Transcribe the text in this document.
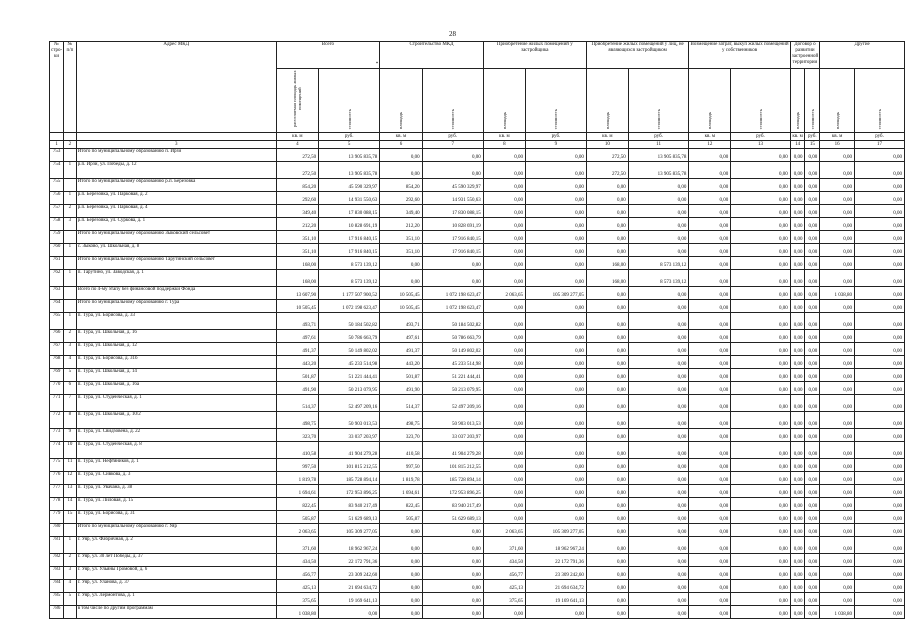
28
№ стро-ки	№ п/п	Адрес МКД	Всего
*		Строительство МКД		Приобретение жилых помещений у застройщика		Приобретение жилых помещений у лиц, не являющихся застройщиком		Возмещение затрат, выкуп жилых помещений у собственников		Договор о развитии застроенной территории		Другие	
			расселяемая площадь жилых помещений	стоимость	площадь	стоимость	площадь	стоимость	площадь	стоимость	площадь	стоимость	площадь	стоимость	площадь	стоимость
			кв. м	руб.	кв. м	руб.	кв. м	руб.	кв. м	руб.	кв. м	руб.	кв. м	руб.	кв. м	руб.
1	2	3	4	5	6	7	8	9	10	11	12	13	14	15	16	17
753		Итого по муниципальному образованию п. Ирзи	272,50	13 905 835,78	0,00	0,00	0,00	0,00	272,50	13 905 835,78	0,00	0,00	0,00	0,00	0,00	0,00
754	1	р.п. Ирзи, ул. Победы, д. 12	272,50	13 905 835,78	0,00	0,00	0,00	0,00	272,50	13 905 835,78	0,00	0,00	0,00	0,00	0,00	0,00
755		Итого по муниципальному образованию р.п. Березовка	854,20	45 590 329,97	854,20	45 590 329,97	0,00	0,00	0,00	0,00	0,00	0,00	0,00	0,00	0,00	0,00
756	1	р.п. Березовка, ул. Парковая, д. 2	292,60	14 931 550,63	292,60	14 931 550,63	0,00	0,00	0,00	0,00	0,00	0,00	0,00	0,00	0,00	0,00
757	2	р.п. Березовка, ул. Парковая, д. 4	349,40	17 830 088,15	349,40	17 830 088,15	0,00	0,00	0,00	0,00	0,00	0,00	0,00	0,00	0,00	0,00
758	3	р.п. Березовка, ул. Суркова, д. 1	212,20	10 828 691,19	212,20	10 828 691,19	0,00	0,00	0,00	0,00	0,00	0,00	0,00	0,00	0,00	0,00
759		Итого по муниципальному образованию Зыковский сельсовет	351,10	17 916 840,15	351,10	17 916 840,15	0,00	0,00	0,00	0,00	0,00	0,00	0,00	0,00	0,00	0,00
760	1	с. Зыково, ул. Школьная, д. 8	351,10	17 916 840,15	351,10	17 916 840,15	0,00	0,00	0,00	0,00	0,00	0,00	0,00	0,00	0,00	0,00
761		Итого по муниципальному образованию Тарутинский сельсовет	168,00	8 573 139,12	0,00	0,00	0,00	0,00	168,00	8 573 139,12	0,00	0,00	0,00	0,00	0,00	0,00
762	1	п. Тарутино, ул. Заводская, д. 1	168,00	8 573 139,12	0,00	0,00	0,00	0,00	168,00	8 573 139,12	0,00	0,00	0,00	0,00	0,00	0,00
763		Всего по 4-му этапу без финансовой поддержки Фонда	13 607,90	1 177 507 900,52	10 505,45	1 072 198 623,47	2 063,65	105 309 277,05	0,00	0,00	0,00	0,00	0,00	0,00	1 038,80	0,00
764		Итого по муниципальному образованию г. Тура	10 505,45	1 072 198 623,47	10 505,45	1 072 198 623,47	0,00	0,00	0,00	0,00	0,00	0,00	0,00	0,00	0,00	0,00
765	1	п. Тура, ул. Борисова, д. 33	493,71	50 184 502,82	493,71	50 184 502,82	0,00	0,00	0,00	0,00	0,00	0,00	0,00	0,00	0,00	0,00
766	2	п. Тура, ул. Школьная, д. 16	497,61	50 786 663,79	497,61	50 786 663,79	0,00	0,00	0,00	0,00	0,00	0,00	0,00	0,00	0,00	0,00
767	3	п. Тура, ул. Школьная, д. 12	491,37	50 149 802,02	491,37	50 149 802,02	0,00	0,00	0,00	0,00	0,00	0,00	0,00	0,00	0,00	0,00
768	4	п. Тура, ул. Борисова, д. 31б	443,20	45 233 514,98	443,20	45 233 514,98	0,00	0,00	0,00	0,00	0,00	0,00	0,00	0,00	0,00	0,00
769	5	п. Тура, ул. Школьная, д. 14	501,87	51 221 444,41	501,87	51 221 444,41	0,00	0,00	0,00	0,00	0,00	0,00	0,00	0,00	0,00	0,00
770	6	п. Тура, ул. Школьная, д. 16а	491,90	50 213 079,95	491,90	50 213 079,95	0,00	0,00	0,00	0,00	0,00	0,00	0,00	0,00	0,00	0,00
771	7	п. Тура, ул. Студенческая, д. 1	514,37	52 497 209,16	514,37	52 497 209,16	0,00	0,00	0,00	0,00	0,00	0,00	0,00	0,00	0,00	0,00
772	8	п. Тура, ул. Школьная, д. 10/2	498,75	50 903 013,53	498,75	50 903 013,53	0,00	0,00	0,00	0,00	0,00	0,00	0,00	0,00	0,00	0,00
773	9	п. Тура, ул. Свидзовена, д. 22	323,70	33 037 203,97	323,70	33 037 203,97	0,00	0,00	0,00	0,00	0,00	0,00	0,00	0,00	0,00	0,00
774	10	п. Тура, ул. Студенческая, д. 8	410,58	41 904 279,28	410,58	41 904 279,28	0,00	0,00	0,00	0,00	0,00	0,00	0,00	0,00	0,00	0,00
775	11	п. Тура, ул. Нефтяников, д. 1	997,50	101 815 212,55	997,50	101 815 212,55	0,00	0,00	0,00	0,00	0,00	0,00	0,00	0,00	0,00	0,00
776	12	п. Тура, ул. Сивкова, д. 3	1 819,78	185 728 894,14	1 819,78	185 728 894,14	0,00	0,00	0,00	0,00	0,00	0,00	0,00	0,00	0,00	0,00
777	13	п. Тура, ул. Увачана, д. 38	1 694,61	172 953 896,25	1 694,61	172 953 896,25	0,00	0,00	0,00	0,00	0,00	0,00	0,00	0,00	0,00	0,00
778	14	п. Тура, ул. Лиловая, д. 15	822,45	83 940 217,49	822,45	83 940 217,49	0,00	0,00	0,00	0,00	0,00	0,00	0,00	0,00	0,00	0,00
779	15	п. Тура, ул. Борисова, д. 31	505,87	51 629 689,13	505,87	51 629 689,13	0,00	0,00	0,00	0,00	0,00	0,00	0,00	0,00	0,00	0,00
780		Итого по муниципальному образованию г. Уяр	2 063,65	105 309 277,05	0,00	0,00	2 063,65	105 309 277,05	0,00	0,00	0,00	0,00	0,00	0,00	0,00	0,00
781	1	г. Уяр, ул. Фабричная, д. 2	371,60	18 962 967,24	0,00	0,00	371,60	18 962 967,24	0,00	0,00	0,00	0,00	0,00	0,00	0,00	0,00
782	2	г. Уяр, ул. 30 лет Победы, д. 37	434,50	22 172 791,36	0,00	0,00	434,50	22 172 791,36	0,00	0,00	0,00	0,00	0,00	0,00	0,00	0,00
783	3	г. Уяр, ул. Ульяны Громовой, д. 6	456,77	23 309 242,60	0,00	0,00	456,77	23 309 242,60	0,00	0,00	0,00	0,00	0,00	0,00	0,00	0,00
784	4	г. Уяр, ул. Уланова, д. 37	425,13	21 694 634,72	0,00	0,00	425,13	21 694 634,72	0,00	0,00	0,00	0,00	0,00	0,00	0,00	0,00
785	5	г. Уяр, ул. Лермонтова, д. 1	375,65	19 169 641,13	0,00	0,00	375,65	19 169 641,13	0,00	0,00	0,00	0,00	0,00	0,00	0,00	0,00
786		в том числе по другим программам	1 038,80	0,00	0,00	0,00	0,00	0,00	0,00	0,00	0,00	0,00	0,00	0,00	1 038,80	0,00
